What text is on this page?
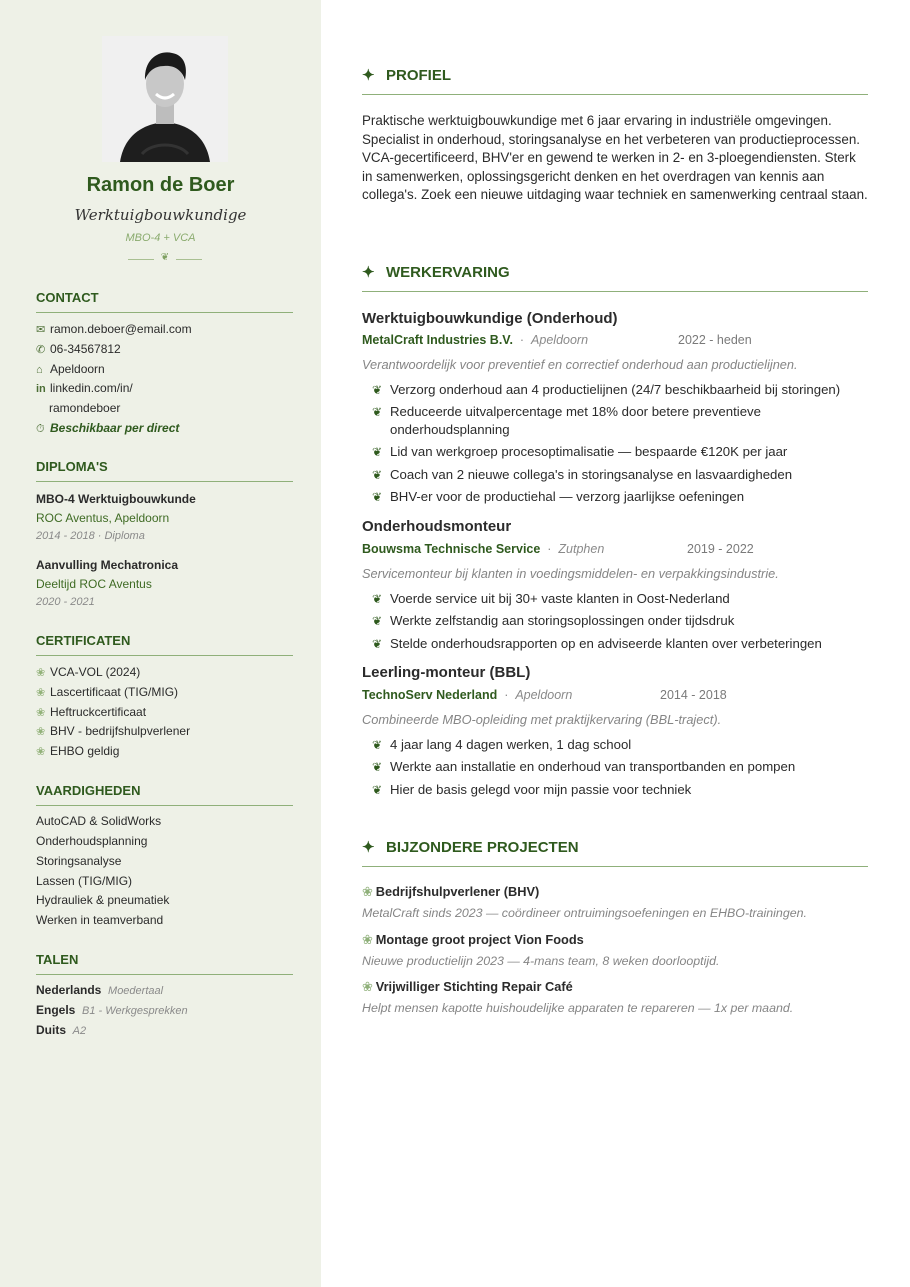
Ramon de Boer
Werktuigbouwkundige
MBO-4 + VCA
❦
CONTACT
✉ ramon.deboer@email.com
✆ 06-34567812
⌂ Apeldoorn
in linkedin.com/in/
ramondeboer
⏱ Beschikbaar per direct
DIPLOMA'S
MBO-4 Werktuigbouwkunde
ROC Aventus, Apeldoorn
2014 - 2018 · Diploma
Aanvulling Mechatronica
Deeltijd ROC Aventus
2020 - 2021
CERTIFICATEN
❀ VCA-VOL (2024)
❀ Lascertificaat (TIG/MIG)
❀ Heftruckcertificaat
❀ BHV - bedrijfshulpverlener
❀ EHBO geldig
VAARDIGHEDEN
AutoCAD & SolidWorks
Onderhoudsplanning
Storingsanalyse
Lassen (TIG/MIG)
Hydrauliek & pneumatiek
Werken in teamverband
TALEN
Nederlands Moedertaal
Engels B1 - Werkgesprekken
Duits A2
✦ PROFIEL
Praktische werktuigbouwkundige met 6 jaar ervaring in industriële omgevingen. Specialist in onderhoud, storingsanalyse en het verbeteren van productieprocessen. VCA-gecertificeerd, BHV'er en gewend te werken in 2- en 3-ploegendiensten. Sterk in samenwerken, oplossingsgericht denken en het overdragen van kennis aan collega's. Zoek een nieuwe uitdaging waar techniek en samenwerking centraal staan.
✦ WERKERVARING
Werktuigbouwkundige (Onderhoud)
MetalCraft Industries B.V.  ·  Apeldoorn	2022 - heden
Verantwoordelijk voor preventief en correctief onderhoud aan productielijnen.
❦ Verzorg onderhoud aan 4 productielijnen (24/7 beschikbaarheid bij storingen)
❦ Reduceerde uitvalpercentage met 18% door betere preventieve onderhoudsplanning
❦ Lid van werkgroep procesoptimalisatie — bespaarde €120K per jaar
❦ Coach van 2 nieuwe collega's in storingsanalyse en lasvaardigheden
❦ BHV-er voor de productiehal — verzorg jaarlijkse oefeningen
Onderhoudsmonteur
Bouwsma Technische Service  ·  Zutphen	2019 - 2022
Servicemonteur bij klanten in voedingsmiddelen- en verpakkingsindustrie.
❦ Voerde service uit bij 30+ vaste klanten in Oost-Nederland
❦ Werkte zelfstandig aan storingsoplossingen onder tijdsdruk
❦ Stelde onderhoudsrapporten op en adviseerde klanten over verbeteringen
Leerling-monteur (BBL)
TechnoServ Nederland  ·  Apeldoorn	2014 - 2018
Combineerde MBO-opleiding met praktijkervaring (BBL-traject).
❦ 4 jaar lang 4 dagen werken, 1 dag school
❦ Werkte aan installatie en onderhoud van transportbanden en pompen
❦ Hier de basis gelegd voor mijn passie voor techniek
✦ BIJZONDERE PROJECTEN
❀ Bedrijfshulpverlener (BHV)
MetalCraft sinds 2023 — coördineer ontruimingsoefeningen en EHBO-trainingen.
❀ Montage groot project Vion Foods
Nieuwe productielijn 2023 — 4-mans team, 8 weken doorlooptijd.
❀ Vrijwilliger Stichting Repair Café
Helpt mensen kapotte huishoudelijke apparaten te repareren — 1x per maand.
